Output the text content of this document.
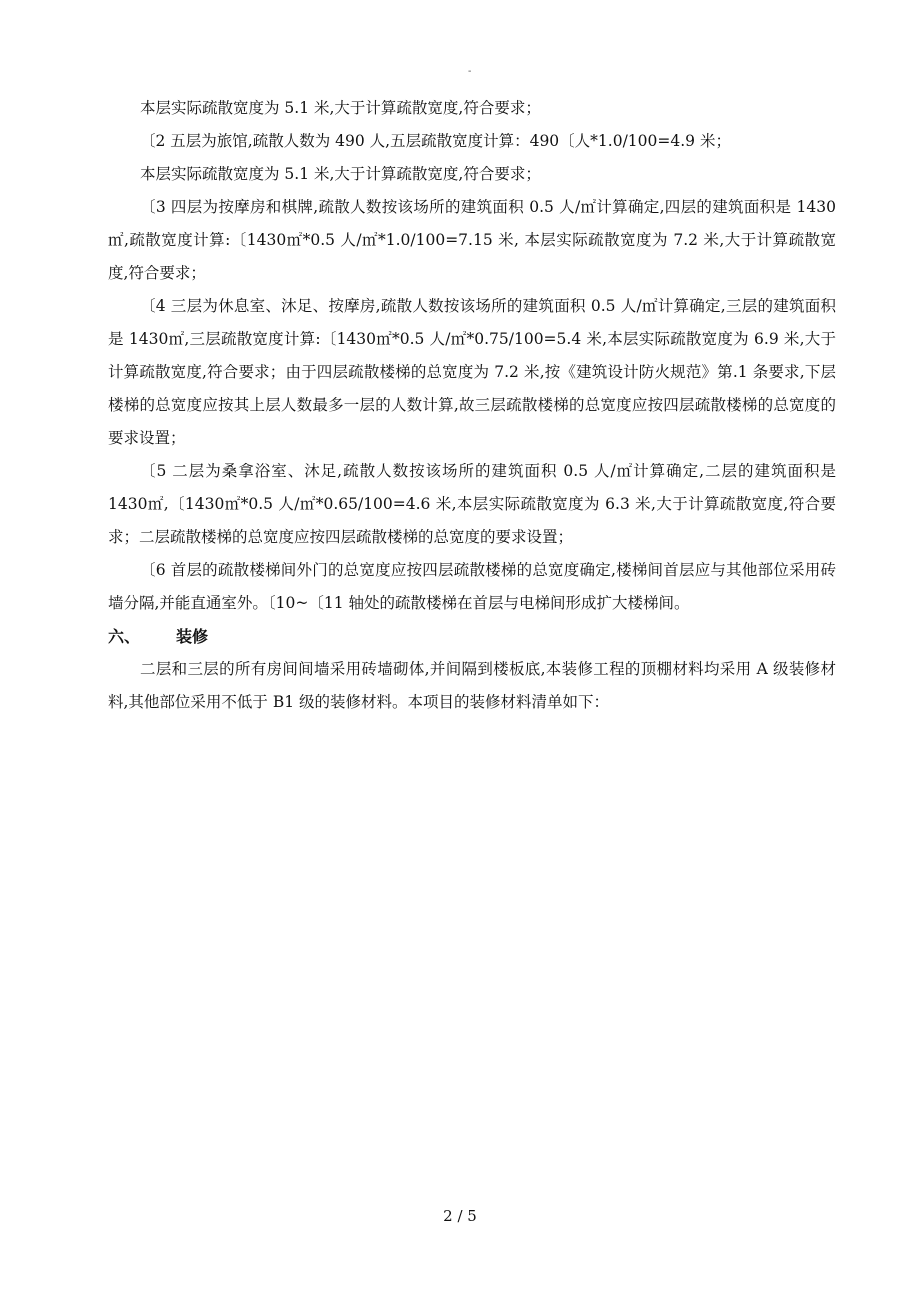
-

本层实际疏散宽度为 5.1 米,大于计算疏散宽度,符合要求；

〔2 五层为旅馆,疏散人数为 490 人,五层疏散宽度计算：490〔人*1.0/100=4.9 米；

本层实际疏散宽度为 5.1 米,大于计算疏散宽度,符合要求；

〔3 四层为按摩房和棋牌,疏散人数按该场所的建筑面积 0.5 人/㎡计算确定,四层的建筑面积是 1430 ㎡,疏散宽度计算:〔1430㎡*0.5 人/㎡*1.0/100=7.15 米, 本层实际疏散宽度为 7.2 米,大于计算疏散宽度,符合要求；

〔4 三层为休息室、沐足、按摩房,疏散人数按该场所的建筑面积 0.5 人/㎡计算确定,三层的建筑面积是 1430㎡,三层疏散宽度计算:〔1430㎡*0.5 人/㎡*0.75/100=5.4 米,本层实际疏散宽度为 6.9 米,大于计算疏散宽度,符合要求；由于四层疏散楼梯的总宽度为 7.2 米,按《建筑设计防火规范》第.1 条要求,下层楼梯的总宽度应按其上层人数最多一层的人数计算,故三层疏散楼梯的总宽度应按四层疏散楼梯的总宽度的要求设置；

〔5 二层为桑拿浴室、沐足,疏散人数按该场所的建筑面积 0.5 人/㎡计算确定,二层的建筑面积是 1430㎡,〔1430㎡*0.5 人/㎡*0.65/100=4.6 米,本层实际疏散宽度为 6.3 米,大于计算疏散宽度,符合要求；二层疏散楼梯的总宽度应按四层疏散楼梯的总宽度的要求设置；

〔6 首层的疏散楼梯间外门的总宽度应按四层疏散楼梯的总宽度确定,楼梯间首层应与其他部位采用砖墙分隔,并能直通室外。〔10~〔11 轴处的疏散楼梯在首层与电梯间形成扩大楼梯间。

六、 装修

二层和三层的所有房间间墙采用砖墙砌体,并间隔到楼板底,本装修工程的顶棚材料均采用 A 级装修材料,其他部位采用不低于 B1 级的装修材料。本项目的装修材料清单如下：

2 / 5
